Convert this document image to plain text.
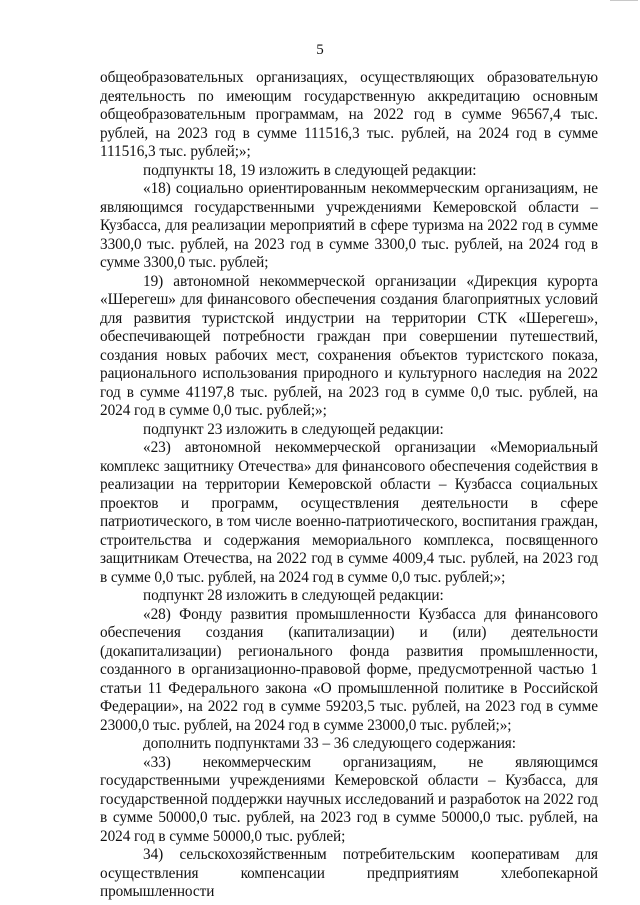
5

общеобразовательных организациях, осуществляющих образовательную деятельность по имеющим государственную аккредитацию основным общеобразовательным программам, на 2022 год в сумме 96567,4 тыс. рублей, на 2023 год в сумме 111516,3 тыс. рублей, на 2024 год в сумме 111516,3 тыс. рублей;»;

подпункты 18, 19 изложить в следующей редакции:

«18) социально ориентированным некоммерческим организациям, не являющимся государственными учреждениями Кемеровской области – Кузбасса, для реализации мероприятий в сфере туризма на 2022 год в сумме 3300,0 тыс. рублей, на 2023 год в сумме 3300,0 тыс. рублей, на 2024 год в сумме 3300,0 тыс. рублей;

19) автономной некоммерческой организации «Дирекция курорта «Шерегеш» для финансового обеспечения создания благоприятных условий для развития туристской индустрии на территории СТК «Шерегеш», обеспечивающей потребности граждан при совершении путешествий, создания новых рабочих мест, сохранения объектов туристского показа, рационального использования природного и культурного наследия на 2022 год в сумме 41197,8 тыс. рублей, на 2023 год в сумме 0,0 тыс. рублей, на 2024 год в сумме 0,0 тыс. рублей;»;

подпункт 23 изложить в следующей редакции:

«23) автономной некоммерческой организации «Мемориальный комплекс защитнику Отечества» для финансового обеспечения содействия в реализации на территории Кемеровской области – Кузбасса социальных проектов и программ, осуществления деятельности в сфере патриотического, в том числе военно-патриотического, воспитания граждан, строительства и содержания мемориального комплекса, посвященного защитникам Отечества, на 2022 год в сумме 4009,4 тыс. рублей, на 2023 год в сумме 0,0 тыс. рублей, на 2024 год в сумме 0,0 тыс. рублей;»;

подпункт 28 изложить в следующей редакции:

«28) Фонду развития промышленности Кузбасса для финансового обеспечения создания (капитализации) и (или) деятельности (докапитализации) регионального фонда развития промышленности, созданного в организационно-правовой форме, предусмотренной частью 1 статьи 11 Федерального закона «О промышленной политике в Российской Федерации», на 2022 год в сумме 59203,5 тыс. рублей, на 2023 год в сумме 23000,0 тыс. рублей, на 2024 год в сумме 23000,0 тыс. рублей;»;

дополнить подпунктами 33 – 36 следующего содержания:

«33) некоммерческим организациям, не являющимся государственными учреждениями Кемеровской области – Кузбасса, для государственной поддержки научных исследований и разработок на 2022 год в сумме 50000,0 тыс. рублей, на 2023 год в сумме 50000,0 тыс. рублей, на 2024 год в сумме 50000,0 тыс. рублей;

34) сельскохозяйственным потребительским кооперативам для осуществления компенсации предприятиям хлебопекарной промышленности
